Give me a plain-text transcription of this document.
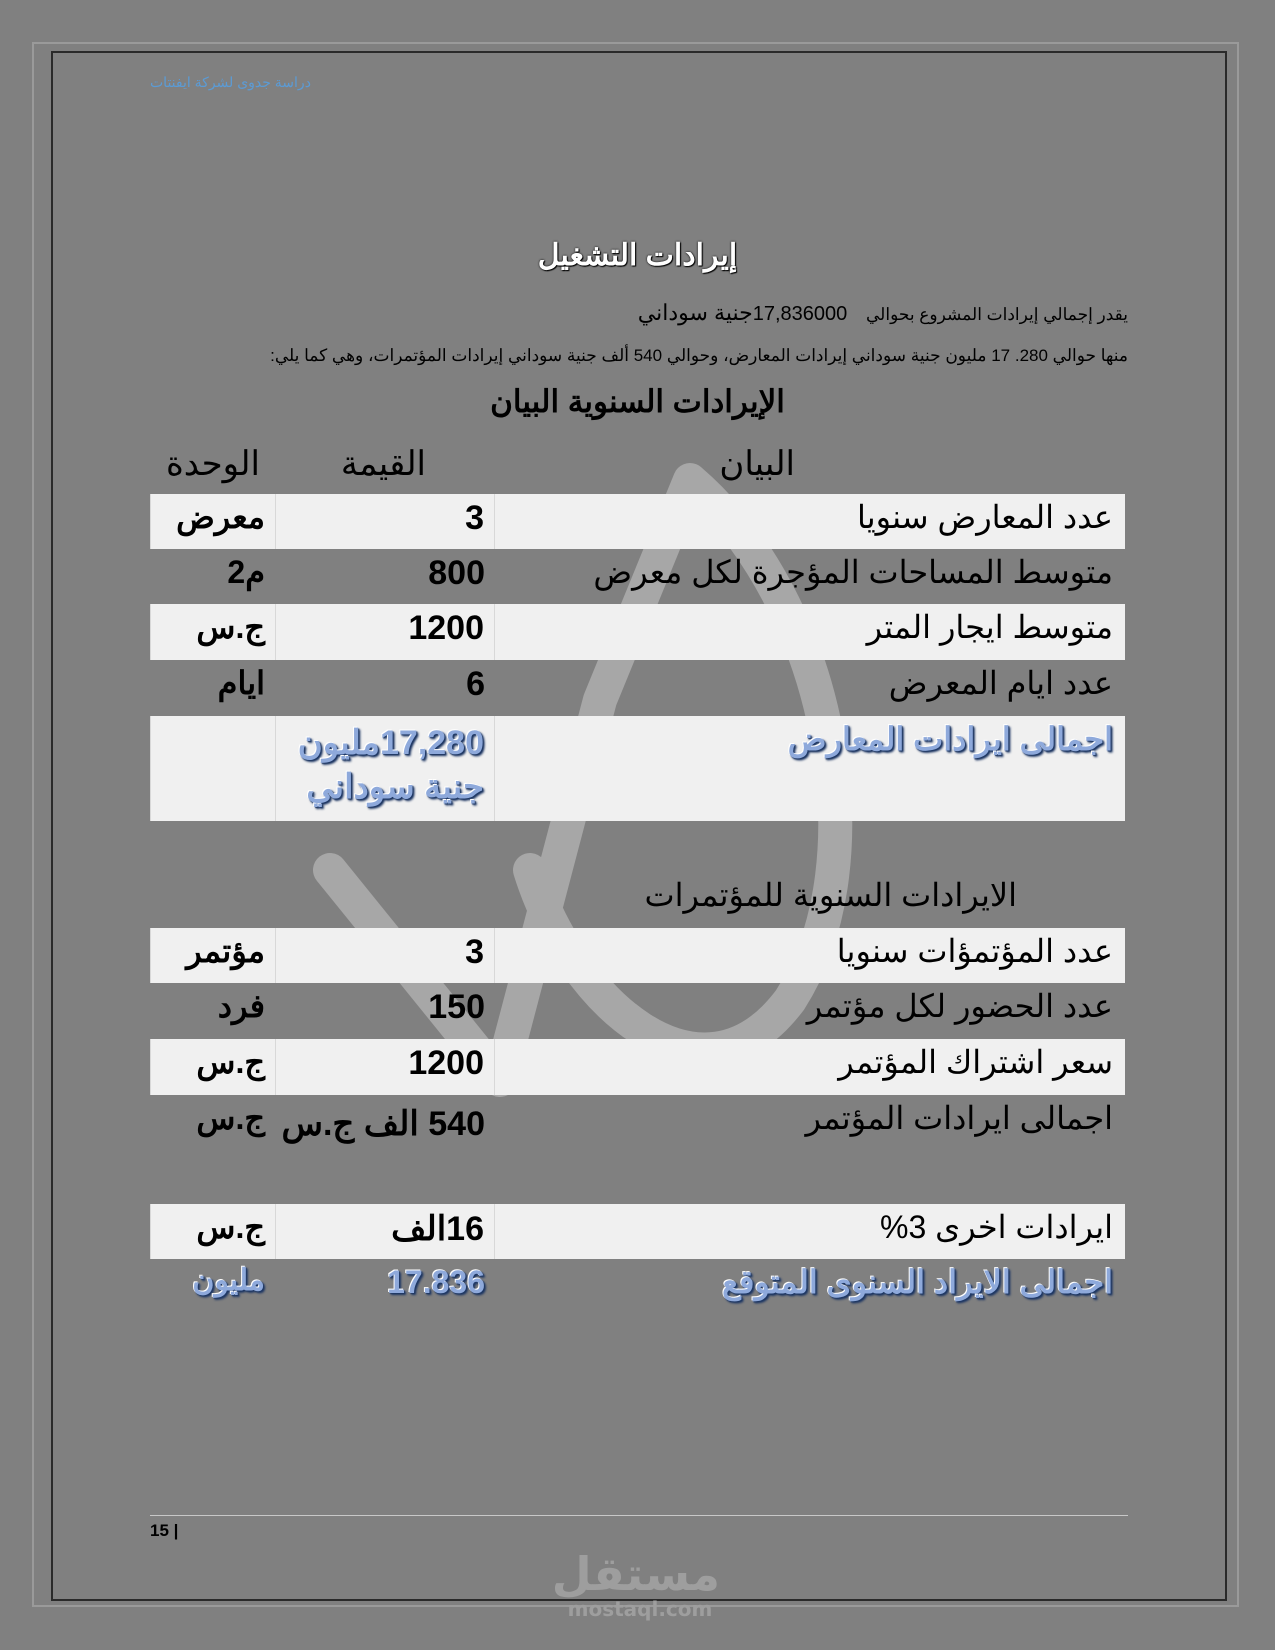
دراسة جدوى لشركة ايفنتات
إيرادات التشغيل
يقدر إجمالي إيرادات المشروع بحوالي 17,836000جنية سوداني
منها حوالي 280. 17 مليون جنية سوداني إيرادات المعارض، وحوالي 540 ألف جنية سوداني إيرادات المؤتمرات، وهي كما يلي:
الإيرادات السنوية البيان
البيان
القيمة
الوحدة
عدد المعارض سنويا
3
معرض
متوسط المساحات المؤجرة لكل معرض
800
م2
متوسط ايجار المتر
1200
ج.س
عدد ايام المعرض
6
ايام
اجمالى ايرادات المعارض
17,280مليون جنية سوداني
الايرادات السنوية للمؤتمرات
عدد المؤتمؤات سنويا
3
مؤتمر
عدد الحضور لكل مؤتمر
150
فرد
سعر اشتراك المؤتمر
1200
ج.س
اجمالى ايرادات المؤتمر
540 الف ج.س
ج.س
ايرادات اخرى 3%
16الف
ج.س
اجمالى الايراد السنوى المتوقع
17.836
مليون
15 |
مستقل
mostaql.com
